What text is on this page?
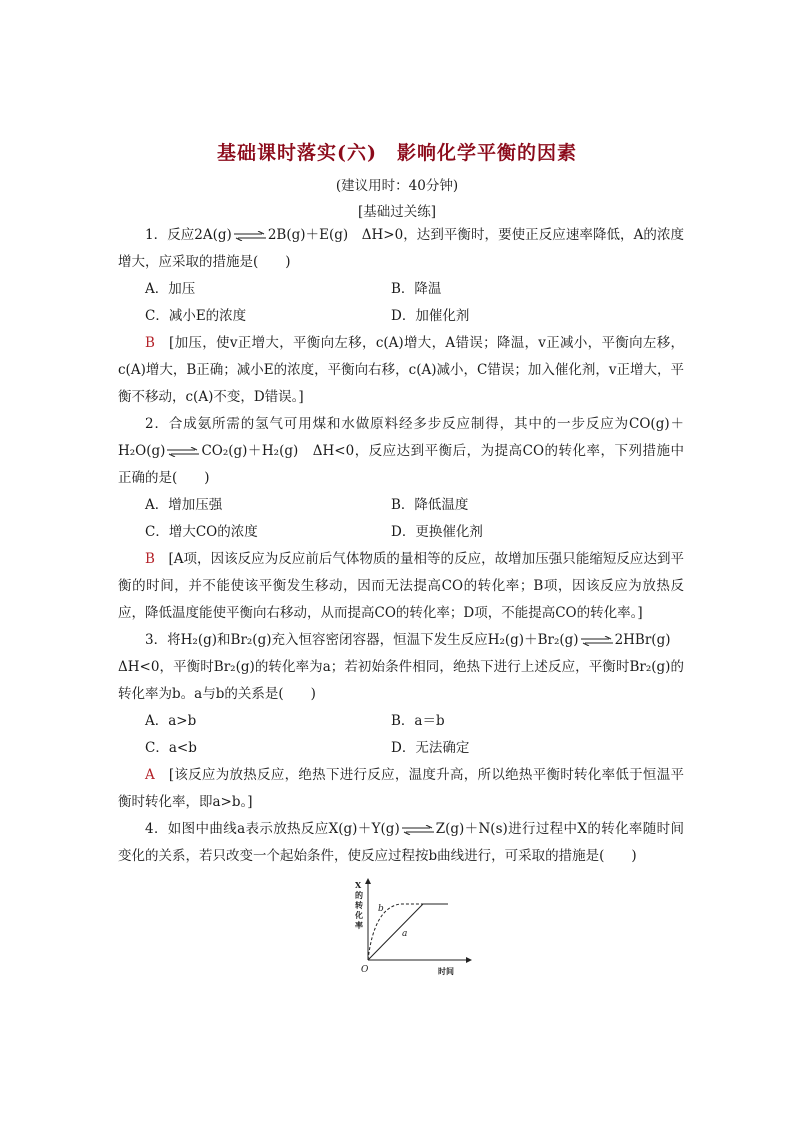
基础课时落实(六)　影响化学平衡的因素
(建议用时：40分钟)
[基础过关练]

1．反应2A(g)⇌2B(g)＋E(g)　ΔH>0，达到平衡时，要使正反应速率降低，A的浓度增大，应采取的措施是(　　)

A．加压	B．降温
C．减小E的浓度	D．加催化剂

B　 [加压，使v正增大，平衡向左移，c(A)增大，A错误；降温，v正减小，平衡向左移，c(A)增大，B正确；减小E的浓度，平衡向右移，c(A)减小，C错误；加入催化剂，v正增大，平衡不移动，c(A)不变，D错误。]

2．合成氨所需的氢气可用煤和水做原料经多步反应制得，其中的一步反应为CO(g)＋H₂O(g)⇌CO₂(g)＋H₂(g)　ΔH<0，反应达到平衡后，为提高CO的转化率，下列措施中正确的是(　　)

A．增加压强	B．降低温度
C．增大CO的浓度	D．更换催化剂

B　 [A项，因该反应为反应前后气体物质的量相等的反应，故增加压强只能缩短反应达到平衡的时间，并不能使该平衡发生移动，因而无法提高CO的转化率；B项，因该反应为放热反应，降低温度能使平衡向右移动，从而提高CO的转化率；D项，不能提高CO的转化率。]

3．将H₂(g)和Br₂(g)充入恒容密闭容器，恒温下发生反应H₂(g)＋Br₂(g)⇌2HBr(g)　ΔH<0，平衡时Br₂(g)的转化率为a；若初始条件相同，绝热下进行上述反应，平衡时Br₂(g)的转化率为b。a与b的关系是(　　)

A．a>b	B．a＝b
C．a<b	D．无法确定

A　 [该反应为放热反应，绝热下进行反应，温度升高，所以绝热平衡时转化率低于恒温平衡时转化率，即a>b。]

4．如图中曲线a表示放热反应X(g)＋Y(g)⇌Z(g)＋N(s)进行过程中X的转化率随时间变化的关系，若只改变一个起始条件，使反应过程按b曲线进行，可采取的措施是(　　)

X 的 转 化 率
O	时间
a
b
